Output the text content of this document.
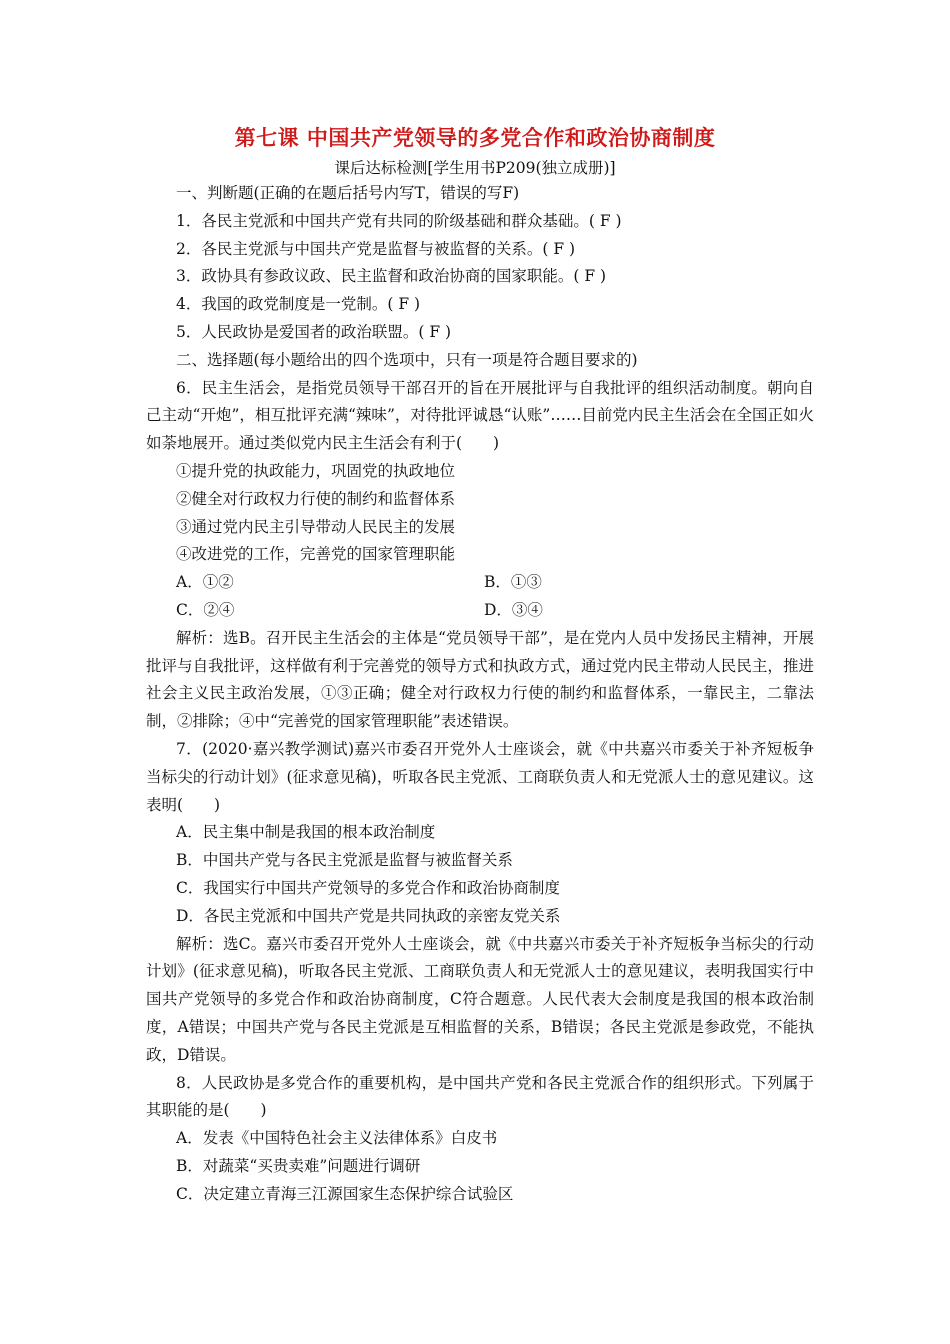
第七课 中国共产党领导的多党合作和政治协商制度
课后达标检测[学生用书P209(独立成册)]
一、判断题(正确的在题后括号内写T，错误的写F)
1．各民主党派和中国共产党有共同的阶级基础和群众基础。( F )
2．各民主党派与中国共产党是监督与被监督的关系。( F )
3．政协具有参政议政、民主监督和政治协商的国家职能。( F )
4．我国的政党制度是一党制。( F )
5．人民政协是爱国者的政治联盟。( F )
二、选择题(每小题给出的四个选项中，只有一项是符合题目要求的)
6．民主生活会，是指党员领导干部召开的旨在开展批评与自我批评的组织活动制度。朝向自己主动“开炮”，相互批评充满“辣味”，对待批评诚恳“认账”……目前党内民主生活会在全国正如火如荼地展开。通过类似党内民主生活会有利于(　　)
①提升党的执政能力，巩固党的执政地位
②健全对行政权力行使的制约和监督体系
③通过党内民主引导带动人民民主的发展
④改进党的工作，完善党的国家管理职能
A．①②	B．①③
C．②④	D．③④
解析：选B。召开民主生活会的主体是“党员领导干部”，是在党内人员中发扬民主精神，开展批评与自我批评，这样做有利于完善党的领导方式和执政方式，通过党内民主带动人民民主，推进社会主义民主政治发展，①③正确；健全对行政权力行使的制约和监督体系，一靠民主，二靠法制，②排除；④中“完善党的国家管理职能”表述错误。
7．(2020·嘉兴教学测试)嘉兴市委召开党外人士座谈会，就《中共嘉兴市委关于补齐短板争当标尖的行动计划》(征求意见稿)，听取各民主党派、工商联负责人和无党派人士的意见建议。这表明(　　)
A．民主集中制是我国的根本政治制度
B．中国共产党与各民主党派是监督与被监督关系
C．我国实行中国共产党领导的多党合作和政治协商制度
D．各民主党派和中国共产党是共同执政的亲密友党关系
解析：选C。嘉兴市委召开党外人士座谈会，就《中共嘉兴市委关于补齐短板争当标尖的行动计划》(征求意见稿)，听取各民主党派、工商联负责人和无党派人士的意见建议，表明我国实行中国共产党领导的多党合作和政治协商制度，C符合题意。人民代表大会制度是我国的根本政治制度，A错误；中国共产党与各民主党派是互相监督的关系，B错误；各民主党派是参政党，不能执政，D错误。
8．人民政协是多党合作的重要机构，是中国共产党和各民主党派合作的组织形式。下列属于其职能的是(　　)
A．发表《中国特色社会主义法律体系》白皮书
B．对蔬菜“买贵卖难”问题进行调研
C．决定建立青海三江源国家生态保护综合试验区
